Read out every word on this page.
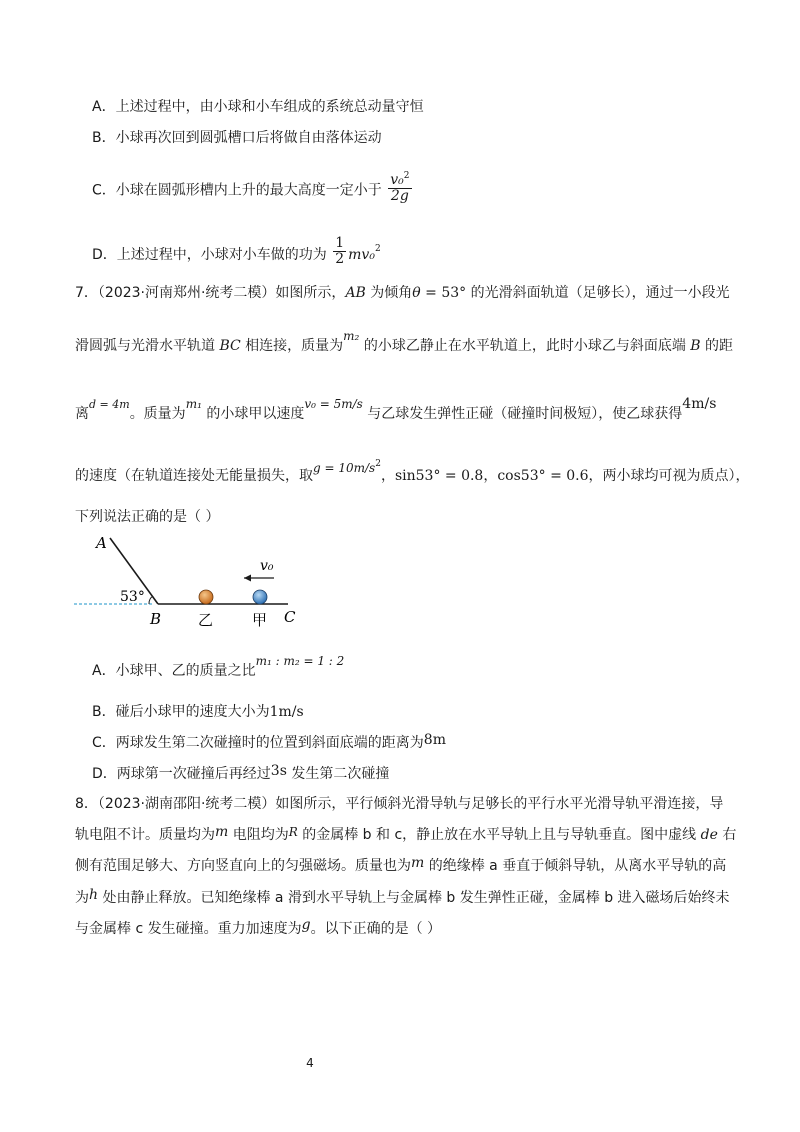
A．上述过程中，由小球和小车组成的系统总动量守恒
B．小球再次回到圆弧槽口后将做自由落体运动
C．小球在圆弧形槽内上升的最大高度一定小于 $\frac{v_0^2}{2g}$
D．上述过程中，小球对小车做的功为 $\frac{1}{2} mv_0^2$
7．（2023·河南郑州·统考二模）如图所示，AB 为倾角θ = 53° 的光滑斜面轨道（足够长），通过一小段光
滑圆弧与光滑水平轨道 BC 相连接，质量为m₂ 的小球乙静止在水平轨道上，此时小球乙与斜面底端 B 的距
离$^{d = 4m}$。质量为m₁ 的小球甲以速度v₀ = 5m/s 与乙球发生弹性正碰（碰撞时间极短），使乙球获得4m/s
的速度（在轨道连接处无能量损失，取$g = 10m/s^2$，sin53° = 0.8，cos53° = 0.6，两小球均可视为质点），
下列说法正确的是（ ）
A
53°
B	C
v₀
乙	甲
A．小球甲、乙的质量之比m₁ : m₂ = 1 : 2
B．碰后小球甲的速度大小为1m/s
C．两球发生第二次碰撞时的位置到斜面底端的距离为8m
D．两球第一次碰撞后再经过3s 发生第二次碰撞
8．（2023·湖南邵阳·统考二模）如图所示，平行倾斜光滑导轨与足够长的平行水平光滑导轨平滑连接，导
轨电阻不计。质量均为m 电阻均为R 的金属棒 b 和 c，静止放在水平导轨上且与导轨垂直。图中虚线 de 右
侧有范围足够大、方向竖直向上的匀强磁场。质量也为m 的绝缘棒 a 垂直于倾斜导轨，从离水平导轨的高
为h 处由静止释放。已知绝缘棒 a 滑到水平导轨上与金属棒 b 发生弹性正碰，金属棒 b 进入磁场后始终未
与金属棒 c 发生碰撞。重力加速度为g。以下正确的是（ ）
4
